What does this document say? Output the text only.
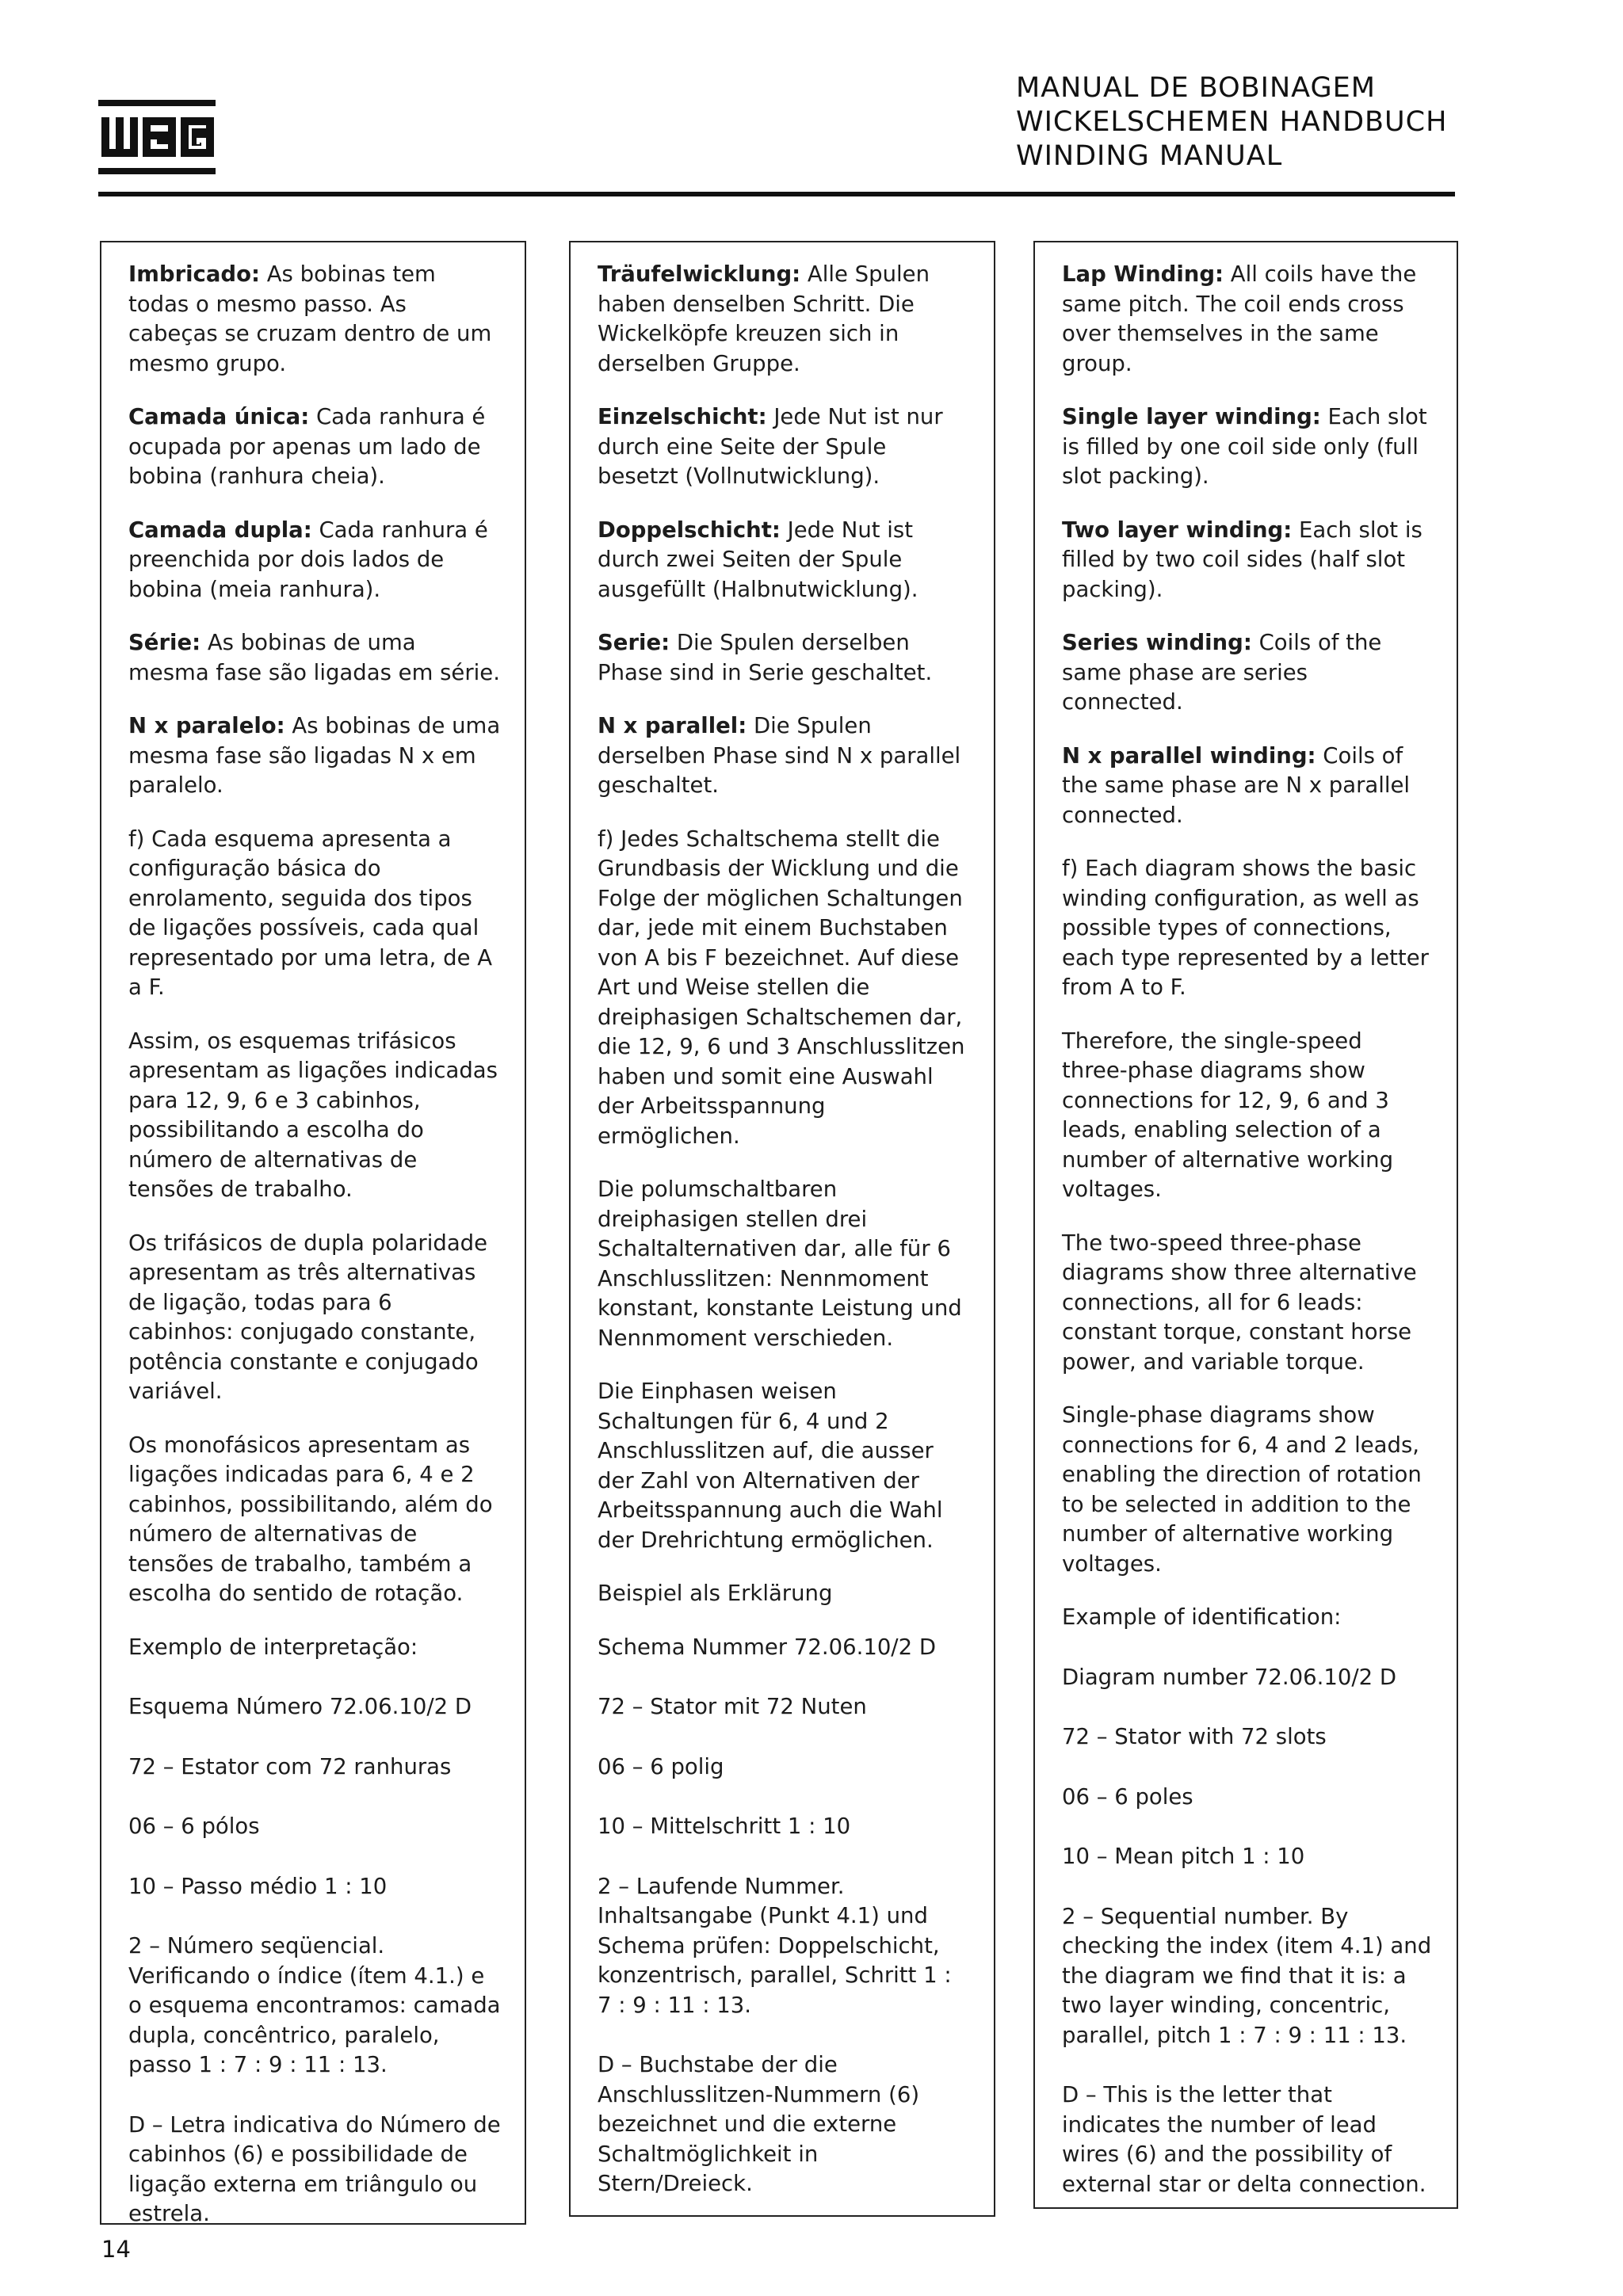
MANUAL DE BOBINAGEM
WICKELSCHEMEN HANDBUCH
WINDING MANUAL

Imbricado: As bobinas tem todas o mesmo passo. As cabeças se cruzam dentro de um mesmo grupo.

Camada única: Cada ranhura é ocupada por apenas um lado de bobina (ranhura cheia).

Camada dupla: Cada ranhura é preenchida por dois lados de bobina (meia ranhura).

Série: As bobinas de uma mesma fase são ligadas em série.

N x paralelo: As bobinas de uma mesma fase são ligadas N x em paralelo.

f) Cada esquema apresenta a configuração básica do enrolamento, seguida dos tipos de ligações possíveis, cada qual representado por uma letra, de A a F.

Assim, os esquemas trifásicos apresentam as ligações indicadas para 12, 9, 6 e 3 cabinhos, possibilitando a escolha do número de alternativas de tensões de trabalho.

Os trifásicos de dupla polaridade apresentam as três alternativas de ligação, todas para 6 cabinhos: conjugado constante, potência constante e conjugado variável.

Os monofásicos apresentam as ligações indicadas para 6, 4 e 2 cabinhos, possibilitando, além do número de alternativas de tensões de trabalho, também a escolha do sentido de rotação.

Exemplo de interpretação:

Esquema Número 72.06.10/2 D

72 – Estator com 72 ranhuras

06 – 6 pólos

10 – Passo médio 1 : 10

2 – Número seqüencial. Verificando o índice (ítem 4.1.) e o esquema encontramos: camada dupla, concêntrico, paralelo, passo 1 : 7 : 9 : 11 : 13.

D – Letra indicativa do Número de cabinhos (6) e possibilidade de ligação externa em triângulo ou estrela.

Träufelwicklung: Alle Spulen haben denselben Schritt. Die Wickelköpfe kreuzen sich in derselben Gruppe.

Einzelschicht: Jede Nut ist nur durch eine Seite der Spule besetzt (Vollnutwicklung).

Doppelschicht: Jede Nut ist durch zwei Seiten der Spule ausgefüllt (Halbnutwicklung).

Serie: Die Spulen derselben Phase sind in Serie geschaltet.

N x parallel: Die Spulen derselben Phase sind N x parallel geschaltet.

f) Jedes Schaltschema stellt die Grundbasis der Wicklung und die Folge der möglichen Schaltungen dar, jede mit einem Buchstaben von A bis F bezeichnet. Auf diese Art und Weise stellen die dreiphasigen Schaltschemen dar, die 12, 9, 6 und 3 Anschlusslitzen haben und somit eine Auswahl der Arbeitsspannung ermöglichen.

Die polumschaltbaren dreiphasigen stellen drei Schaltalternativen dar, alle für 6 Anschlusslitzen: Nennmoment konstant, konstante Leistung und Nennmoment verschieden.

Die Einphasen weisen Schaltungen für 6, 4 und 2 Anschlusslitzen auf, die ausser der Zahl von Alternativen der Arbeitsspannung auch die Wahl der Drehrichtung ermöglichen.

Beispiel als Erklärung

Schema Nummer 72.06.10/2 D

72 – Stator mit 72 Nuten

06 – 6 polig

10 – Mittelschritt 1 : 10

2 – Laufende Nummer. Inhaltsangabe (Punkt 4.1) und Schema prüfen: Doppelschicht, konzentrisch, parallel, Schritt 1 : 7 : 9 : 11 : 13.

D – Buchstabe der die Anschlusslitzen-Nummern (6) bezeichnet und die externe Schaltmöglichkeit in Stern/Dreieck.

Lap Winding: All coils have the same pitch. The coil ends cross over themselves in the same group.

Single layer winding: Each slot is filled by one coil side only (full slot packing).

Two layer winding: Each slot is filled by two coil sides (half slot packing).

Series winding: Coils of the same phase are series connected.

N x parallel winding: Coils of the same phase are N x parallel connected.

f) Each diagram shows the basic winding configuration, as well as possible types of connections, each type represented by a letter from A to F.

Therefore, the single-speed three-phase diagrams show connections for 12, 9, 6 and 3 leads, enabling selection of a number of alternative working voltages.

The two-speed three-phase diagrams show three alternative connections, all for 6 leads: constant torque, constant horse power, and variable torque.

Single-phase diagrams show connections for 6, 4 and 2 leads, enabling the direction of rotation to be selected in addition to the number of alternative working voltages.

Example of identification:

Diagram number 72.06.10/2 D

72 – Stator with 72 slots

06 – 6 poles

10 – Mean pitch 1 : 10

2 – Sequential number. By checking the index (item 4.1) and the diagram we find that it is: a two layer winding, concentric, parallel, pitch 1 : 7 : 9 : 11 : 13.

D – This is the letter that indicates the number of lead wires (6) and the possibility of external star or delta connection.

14
